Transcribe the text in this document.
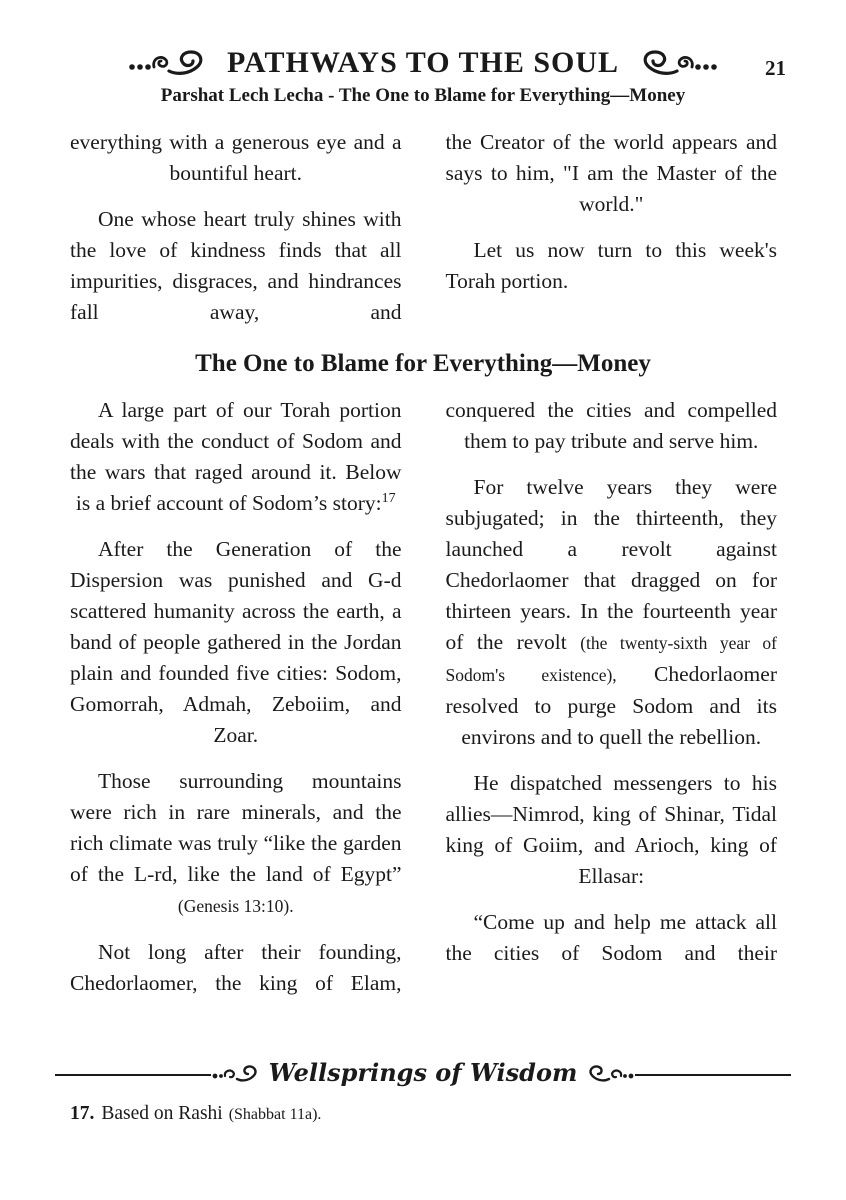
PATHWAYS TO THE SOUL	21
Parshat Lech Lecha - The One to Blame for Everything—Money

everything with a generous eye and a bountiful heart.

One whose heart truly shines with the love of kindness finds that all impurities, disgraces, and hindrances fall away, and

the Creator of the world appears and says to him, "I am the Master of the world."

Let us now turn to this week's Torah portion.

The One to Blame for Everything—Money

A large part of our Torah portion deals with the conduct of Sodom and the wars that raged around it. Below is a brief account of Sodom’s story:$^{17}$

After the Generation of the Dispersion was punished and G-d scattered humanity across the earth, a band of people gathered in the Jordan plain and founded five cities: Sodom, Gomorrah, Admah, Zeboiim, and Zoar.

Those surrounding mountains were rich in rare minerals, and the rich climate was truly “like the garden of the L-rd, like the land of Egypt” (Genesis 13:10).

Not long after their founding, Chedorlaomer, the king of Elam,

conquered the cities and compelled them to pay tribute and serve him.

For twelve years they were subjugated; in the thirteenth, they launched a revolt against Chedorlaomer that dragged on for thirteen years. In the fourteenth year of the revolt (the twenty-sixth year of Sodom's existence), Chedorlaomer resolved to purge Sodom and its environs and to quell the rebellion.

He dispatched messengers to his allies—Nimrod, king of Shinar, Tidal king of Goiim, and Arioch, king of Ellasar:

“Come up and help me attack all the cities of Sodom and their

Wellsprings of Wisdom

17. Based on Rashi (Shabbat 11a).
